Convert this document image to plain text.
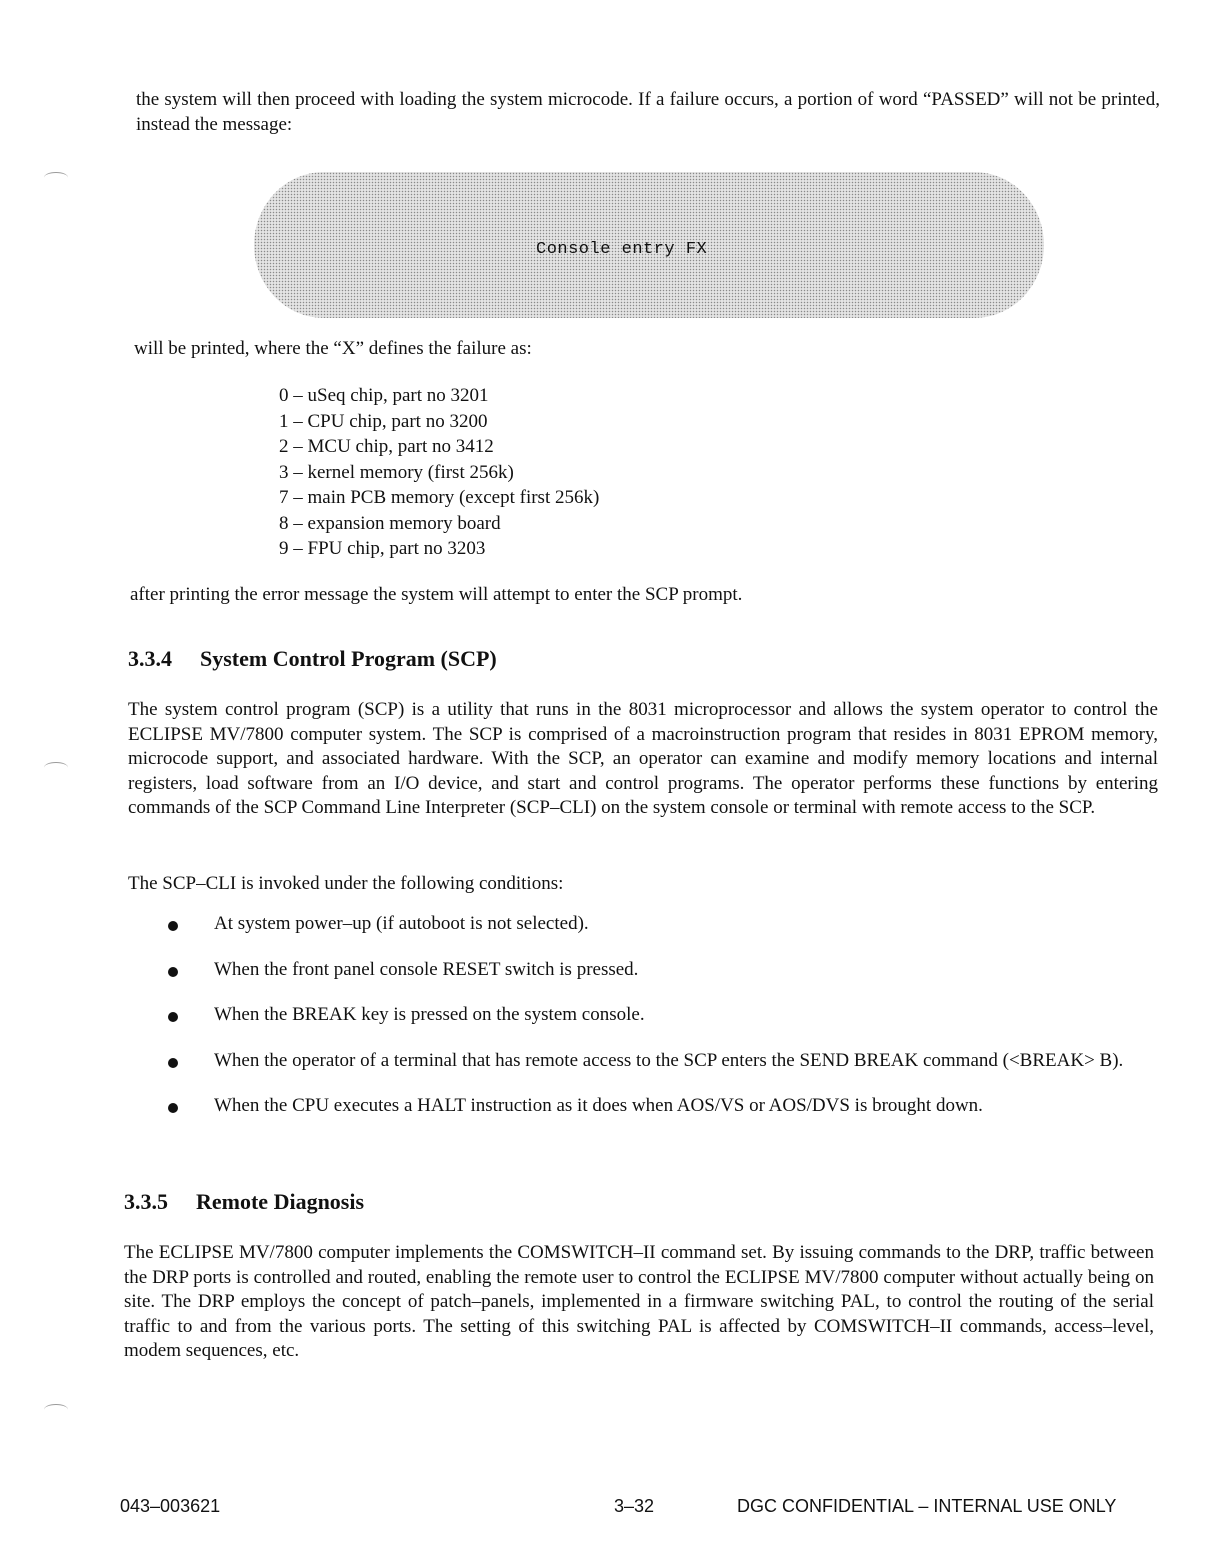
the system will then proceed with loading the system microcode. If a failure occurs, a portion of word “PASSED” will not be printed, instead the message:

Console entry FX

will be printed, where the “X” defines the failure as:

0 – uSeq chip, part no 3201
1 – CPU chip, part no 3200
2 – MCU chip, part no 3412
3 – kernel memory (first 256k)
7 – main PCB memory (except first 256k)
8 – expansion memory board
9 – FPU chip, part no 3203

after printing the error message the system will attempt to enter the SCP prompt.

3.3.4 System Control Program (SCP)

The system control program (SCP) is a utility that runs in the 8031 microprocessor and allows the system operator to control the ECLIPSE MV/7800 computer system. The SCP is comprised of a macroinstruction program that resides in 8031 EPROM memory, microcode support, and associated hardware. With the SCP, an operator can examine and modify memory locations and internal registers, load software from an I/O device, and start and control programs. The operator performs these functions by entering commands of the SCP Command Line Interpreter (SCP–CLI) on the system console or terminal with remote access to the SCP.

The SCP–CLI is invoked under the following conditions:

At system power–up (if autoboot is not selected).
When the front panel console RESET switch is pressed.
When the BREAK key is pressed on the system console.
When the operator of a terminal that has remote access to the SCP enters the SEND BREAK command (<BREAK> B).
When the CPU executes a HALT instruction as it does when AOS/VS or AOS/DVS is brought down.
3.3.5 Remote Diagnosis

The ECLIPSE MV/7800 computer implements the COMSWITCH–II command set. By issuing commands to the DRP, traffic between the DRP ports is controlled and routed, enabling the remote user to control the ECLIPSE MV/7800 computer without actually being on site. The DRP employs the concept of patch–panels, implemented in a firmware switching PAL, to control the routing of the serial traffic to and from the various ports. The setting of this switching PAL is affected by COMSWITCH–II commands, access–level, modem sequences, etc.

043–003621	3–32	DGC CONFIDENTIAL – INTERNAL USE ONLY
